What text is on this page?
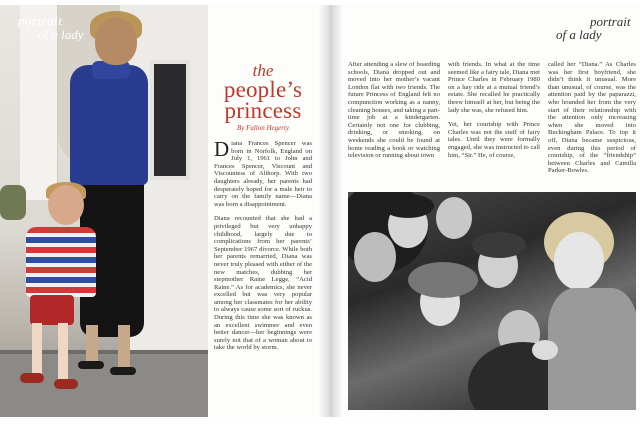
portrait
of a lady
the
people’s
princess
By Fallon Hegerty

Diana Frances Spencer was born in Norfolk, England on July 1, 1961 to John and Frances Spencer, Viscount and Viscountess of Althorp. With two daughters already, her parents had desperately hoped for a male heir to carry on the family name—Diana was born a disappointment.

Diana recounted that she had a privileged but very unhappy childhood, largely due to complications from her parents’ September 1967 divorce. While both her parents remarried, Diana was never truly pleased with either of the new matches, dubbing her stepmother Raine Legge, “Acid Raine.” As for academics, she never excelled but was very popular among her classmates for her ability to always cause some sort of ruckus. During this time she was known as an excellent swimmer and even better dancer—her beginnings were surely not that of a woman about to take the world by storm.

portrait
of a lady

After attending a slew of boarding schools, Diana dropped out and moved into her mother’s vacant London flat with two friends. The future Princess of England felt no compunction working as a nanny, cleaning houses, and taking a part-time job at a kindergarten. Certainly not one for clubbing, drinking, or smoking, on weekends she could be found at home reading a book or watching television or running about town

with friends. In what at the time seemed like a fairy tale, Diana met Prince Charles in February 1980 on a hay ride at a mutual friend’s estate. She recalled he practically threw himself at her, but being the lady she was, she refused him.

Yet, her courtship with Prince Charles was not the stuff of fairy tales. Until they were formally engaged, she was instructed to call him, “Sir.” He, of course,

called her “Diana.” As Charles was her first boyfriend, she didn’t think it unusual. More than unusual, of course, was the attention paid by the paparazzi, who hounded her from the very start of their relationship with the attention only increasing when she moved into Buckingham Palace. To top it off, Diana became suspicious, even during this period of courtship, of the “friendship” between Charles and Camilla Parker-Bowles.
